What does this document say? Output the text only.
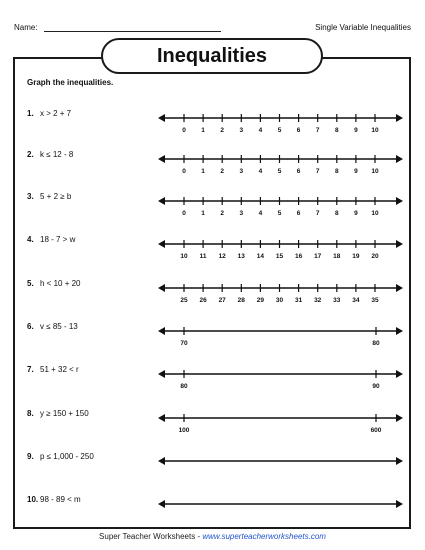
Name:	Single Variable Inequalities
Inequalities
Graph the inequalities.
1. x > 2 + 7
0 1 2 3 4 5 6 7 8 9 10
2. k ≤ 12 - 8
0 1 2 3 4 5 6 7 8 9 10
3. 5 + 2 ≥ b
0 1 2 3 4 5 6 7 8 9 10
4. 18 - 7 > w
10 11 12 13 14 15 16 17 18 19 20
5. h < 10 + 20
25 26 27 28 29 30 31 32 33 34 35
6. v ≤ 85 - 13
70	80
7. 51 + 32 < r
80	90
8. y ≥ 150 + 150
100	600
9. p ≤ 1,000 - 250
10. 98 - 89 < m
Super Teacher Worksheets - www.superteacherworksheets.com
